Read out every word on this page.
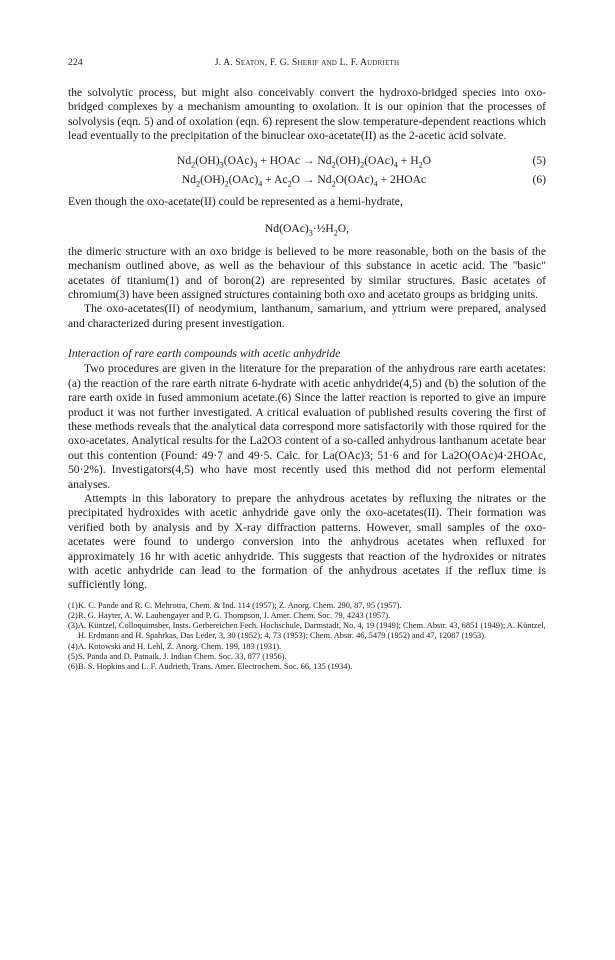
224	J. A. Seaton, F. G. Sherif and L. F. Audrieth

the solvolytic process, but might also conceivably convert the hydroxo-bridged species into oxo-bridged complexes by a mechanism amounting to oxolation. It is our opinion that the processes of solvolysis (eqn. 5) and of oxolation (eqn. 6) represent the slow temperature-dependent reactions which lead eventually to the precipitation of the binuclear oxo-acetate(II) as the 2-acetic acid solvate.

$Nd_2(OH)_3(OAc)_3$ + HOAc → $Nd_2(OH)_2(OAc)_4 + H_2O$	(5)
$Nd_2(OH)_2(OAc)_4 + Ac_2O \to Nd_2O(OAc)_4$ + 2HOAc	(6)

Even though the oxo-acetate(II) could be represented as a hemi-hydrate,

$Nd(OAc)_3\cdot\frac{1}{2}H_2O$,

the dimeric structure with an oxo bridge is believed to be more reasonable, both on the basis of the mechanism outlined above, as well as the behaviour of this substance in acetic acid. The "basic" acetates of titanium(1) and of boron(2) are represented by similar structures. Basic acetates of chromium(3) have been assigned structures containing both oxo and acetato groups as bridging units.

The oxo-acetates(II) of neodymium, lanthanum, samarium, and yttrium were prepared, analysed and characterized during present investigation.

Interaction of rare earth compounds with acetic anhydride

Two procedures are given in the literature for the preparation of the anhydrous rare earth acetates: (a) the reaction of the rare earth nitrate 6-hydrate with acetic anhydride(4,5) and (b) the solution of the rare earth oxide in fused ammonium acetate.(6) Since the latter reaction is reported to give an impure product it was not further investigated. A critical evaluation of published results covering the first of these methods reveals that the analytical data correspond more satisfactorily with those rquired for the oxo-acetates. Analytical results for the La2O3 content of a so-called anhydrous lanthanum acetate bear out this contention (Found: 49·7 and 49·5. Calc. for La(OAc)3; 51·6 and for La2O(OAc)4·2HOAc, 50·2%). Investigators(4,5) who have most recently used this method did not perform elemental analyses.

Attempts in this laboratory to prepare the anhydrous acetates by refluxing the nitrates or the precipitated hydroxides with acetic anhydride gave only the oxo-acetates(II). Their formation was verified both by analysis and by X-ray diffraction patterns. However, small samples of the oxo-acetates were found to undergo conversion into the anhydrous acetates when refluxed for approximately 16 hr with acetic anhydride. This suggests that reaction of the hydroxides or nitrates with acetic anhydride can lead to the formation of the anhydrous acetates if the reflux time is sufficiently long.

(1) K. C. Pande and R. C. Mehrotra, Chem. & Ind. 114 (1957); Z. Anorg. Chem. 290, 87, 95 (1957).
(2) R. G. Hayter, A. W. Laubengayer and P. G. Thompson, J. Amer. Chem. Soc. 79, 4243 (1957).
(3) A. Küntzel, Colloquimsber, Insts. Gerbereichen Fech. Hochschule, Darmstadt, No. 4, 19 (1949); Chem. Abstr. 43, 6851 (1949); A. Küntzel, H. Erdmann and H. Spahrkas, Das Leder, 3, 30 (1952); 4, 73 (1953); Chem. Abstr. 46, 5479 (1952) and 47, 12087 (1953).
(4) A. Kotowski and H. Lehl, Z. Anorg. Chem. 199, 183 (1931).
(5) S. Panda and D. Patnaik, J. Indian Chem. Soc. 33, 877 (1956).
(6) B. S. Hopkins and L. F. Audrieth, Trans. Amer. Electrochem. Soc. 66, 135 (1934).
